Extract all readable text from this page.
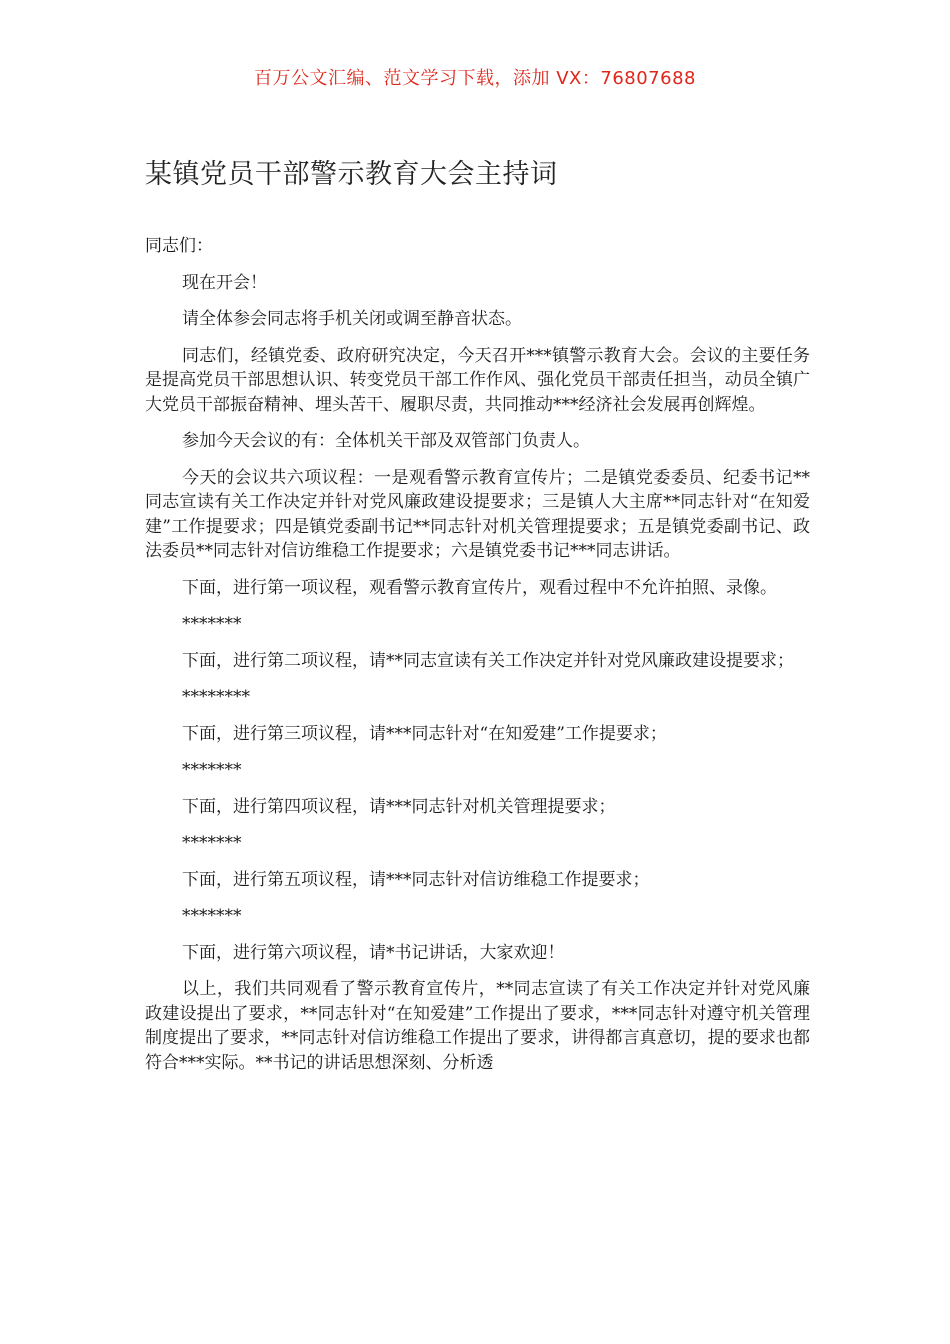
百万公文汇编、范文学习下载，添加 VX：76807688
某镇党员干部警示教育大会主持词

同志们：

现在开会！

请全体参会同志将手机关闭或调至静音状态。

同志们，经镇党委、政府研究决定，今天召开***镇警示教育大会。会议的主要任务是提高党员干部思想认识、转变党员干部工作作风、强化党员干部责任担当，动员全镇广大党员干部振奋精神、埋头苦干、履职尽责，共同推动***经济社会发展再创辉煌。

参加今天会议的有：全体机关干部及双管部门负责人。

今天的会议共六项议程：一是观看警示教育宣传片；二是镇党委委员、纪委书记**同志宣读有关工作决定并针对党风廉政建设提要求；三是镇人大主席**同志针对“在知爱建”工作提要求；四是镇党委副书记**同志针对机关管理提要求；五是镇党委副书记、政法委员**同志针对信访维稳工作提要求；六是镇党委书记***同志讲话。

下面，进行第一项议程，观看警示教育宣传片，观看过程中不允许拍照、录像。

*******

下面，进行第二项议程，请**同志宣读有关工作决定并针对党风廉政建设提要求；

********

下面，进行第三项议程，请***同志针对“在知爱建”工作提要求；

*******

下面，进行第四项议程，请***同志针对机关管理提要求；

*******

下面，进行第五项议程，请***同志针对信访维稳工作提要求；

*******

下面，进行第六项议程，请*书记讲话，大家欢迎！

以上，我们共同观看了警示教育宣传片，**同志宣读了有关工作决定并针对党风廉政建设提出了要求，**同志针对“在知爱建”工作提出了要求，***同志针对遵守机关管理制度提出了要求，**同志针对信访维稳工作提出了要求，讲得都言真意切，提的要求也都符合***实际。**书记的讲话思想深刻、分析透
